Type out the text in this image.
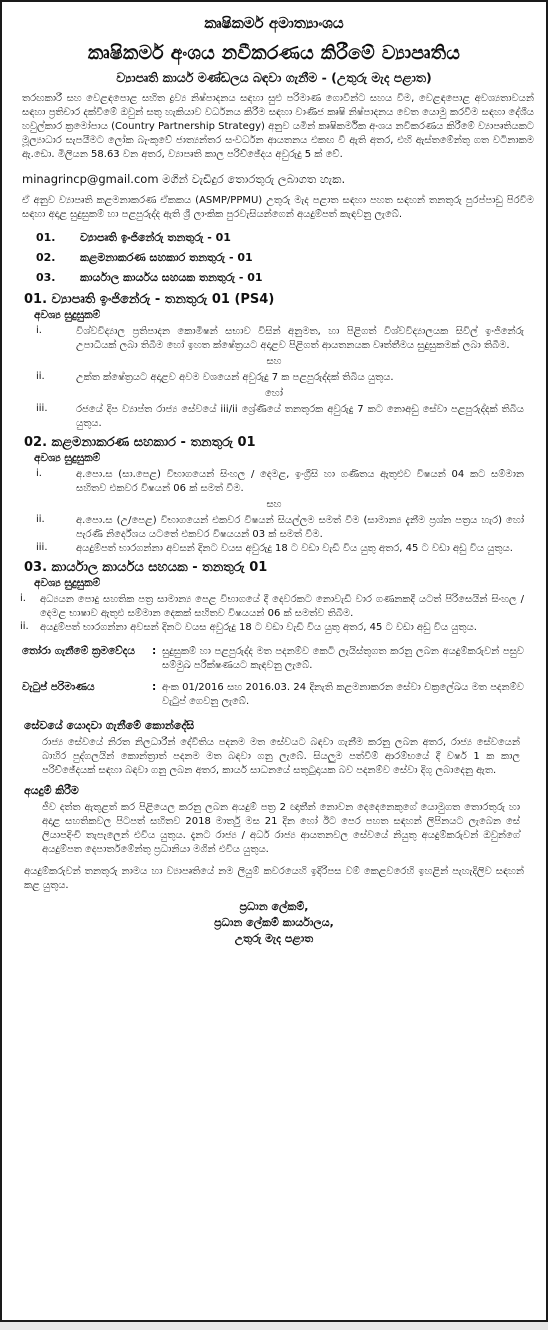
කෘෂිකර්ම අමාත්‍යාංශය
කෘෂිකර්ම අංශය නවීකරණය කිරීමේ ව්‍යාපෘතිය
ව්‍යාපෘති කාර්ය මණ්ඩලය බඳවා ගැනීම - (උතුරු මැද පළාත)

තරඟකාරී සහ වෙළඳපොළ සහිත ද්‍රව්‍ය නිෂ්පාදනය සඳහා සුළු පරිමාණ ගොවීන්ට සහය වීම, වෙළඳපොළ අවශ්‍යතාවයන් සඳහා ප්‍රතිචාර දක්වීමේ ඔවුන් සතු හැකියාව වර්ධනය කිරීම සඳහා වාණිජ කෘෂි නිෂ්පාදනය වෙත යොමු කරවීම සඳහා දේශීය හවුල්කාර ක්‍රමෝපාය (Country Partnership Strategy) අනුව යමින් කෘෂිකර්මික අංශය නවීකරණය කිරීමේ ව්‍යාපෘතියකට මූල්‍යාධාර සැපයීමට ලෝක බැංකුවේ ජාත්‍යන්තර සංවර්ධන ආයතනය එකඟ වී ඇති අතර, එහි ඇස්තමේන්තු ගත වටිනාකම ඇ.ඩො. මිලියන 58.63 වන අතර, ව්‍යාපෘති කාල පරිච්ඡේදය අවුරුදු 5 ක් වේ.

minagrincp@gmail.com මගින් වැඩිදුර තොරතුරු ලබාගත හැක.

ඒ අනුව ව්‍යාපෘති කළමනාකරණ ඒකකය (ASMP/PPMU) උතුරු මැද පළාත සඳහා පහත සඳහන් තනතුරු පුරප්පාඩු පිරවීම සඳහා අදාළ සුදුසුකම් හා පළපුරුද්ද ඇති ශ්‍රී ලාංකික පුරවැසියන්ගෙන් අයදුම්පත් කැඳවනු ලැබේ.

01.	ව්‍යාපෘති ඉංජිනේරු තනතුරු - 01
02.	කළමනාකරණ සහකාර තනතුරු - 01
03.	කාර්යාල කාර්යය සහයක තනතුරු - 01
01. ව්‍යාපෘති ඉංජිනේරු - තනතුරු 01 (PS4)
අවශ්‍ය සුදුසුකම්
i.	විශ්වවිද්‍යාල ප්‍රතිපාදන කොමිෂන් සභාව විසින් අනුමත, හා පිළිගත් විශ්වවිද්‍යාලයක සිවිල් ඉංජිනේරු උපාධියක් ලබා තිබීම හෝ ඉහත ක්ෂේත්‍රයට අදාළව පිළිගත් ආයතනයක වෘත්තීමය සුදුසුකමක් ලබා තිබීම.

සහ
ii.	උක්ත ක්ෂේත්‍රයට අදාළව අවම වශයෙන් අවුරුදු 7 ක පළපුරුද්දක් තිබිය යුතුය.

හෝ
iii.	රජයේ දිප ව්‍යාප්ත රාජ්‍ය සේවයේ iii/ii ශ්‍රේණියේ තනතුරක අවුරුදු 7 කට නොඅඩු සේවා පළපුරුද්දක් තිබිය යුතුය.

02. කළමනාකරණ සහකාර - තනතුරු 01
අවශ්‍ය සුදුසුකම්
i.	අ.පො.ස (සා.පෙළ) විභාගයෙන් සිංහල / දෙමළ, ඉංග්‍රීසි හා ගණිතය ඇතුළුව විෂයන් 04 කට සම්මාන සහිතව එකවර විෂයන් 06 ක් සමත් වීම.

සහ
ii.	අ.පො.ස (උ/පෙළ) විභාගයෙන් එකවර විෂයන් සියල්ලම සමත් වීම (සාමාන්‍ය දැනීම ප්‍රශ්න පත්‍රය හැර) හෝ පැරණි නිර්දේශය යටතේ එකවර විෂයයන් 03 ක් සමත් වීම.

iii.	අයදුම්පත් භාරගන්නා අවසන් දිනට වයස අවුරුදු 18 ට වඩා වැඩි විය යුතු අතර, 45 ට වඩා අඩු විය යුතුය.

03. කාර්යාල කාර්යය සහයක - තනතුරු 01
අවශ්‍ය සුදුසුකම්
i.	අධ්‍යයන පොදු සහතික පත්‍ර සාමාන්‍ය පෙළ විභාගයේ දී දෙවරකට නොවැඩි වාර ගණනකදී යටත් පිරිසෙයින් සිංහල / දෙමළ භාෂාව ඇතුළු සම්මාන දෙකක් සහිතව විෂයයන් 06 ක් සමත්ව තිබීම.

ii.	අයදුම්පත් භාරගන්නා අවසන් දිනට වයස අවුරුදු 18 ට වඩා වැඩි විය යුතු අතර, 45 ට වඩා අඩු විය යුතුය.

තෝරා ගැනීමේ ක්‍රමවේදය	: සුදුසුකම් හා පළපුරුද්ද මත පදනම්ව කෙටි ලැයිස්තුගත කරනු ලබන අයදුම්කරුවන් පසුව සම්මුඛ පරීක්ෂණයට කැඳවනු ලැබේ.

වැටුප් පරිමාණය	: අංක 01/2016 සහ 2016.03. 24 දිනැති කළමනාකරන සේවා චක්‍රලේඛය මත පදනම්ව වැටුප් ගෙවනු ලැබේ.

සේවයේ යොදවා ගැනීමේ කොන්දේසි

රාජ්‍ය සේවයේ නිරත නිලධාරීන් දේවීතිය පදනම මත සේවයට බඳවා ගැනීම කරනු ලබන අතර, රාජ්‍ය සේවයෙන් බාහිර පුද්ගලයින් කොන්ත්‍රාත් පදනම මත බඳවා ගනු ලැබේ. සියලුම පත්වීම් ආරම්භයේ දී වර්ෂ 1 ක කාල පරිච්ඡේදයක් සඳහා බඳවා ගනු ලබන අතර, කාර්ය සාධනයේ සතුටුදායක බව පදනම්ව සේවා දිගු ලබාදෙනු ඇත.

අයදුම් කිරීම

ජීව දත්ත ඇතුළත් කර පිළියෙල කරනු ලබන අයදුම් පත්‍ර 2 ඥාතීන් නොවන දෙදෙනෙකුගේ යොමුගත තොරතුරු හා අදාළ සහතිකවල පිටපත් සහිතව 2018 මාර්තු මස 21 දින හෝ ඊට පෙර පහත සඳහන් ලිපිනයට ලැබෙන සේ ලියාපදිංචි තැපැලෙන් එවිය යුතුය. දැනට රාජ්‍ය / අර්ධ රාජ්‍ය ආයතනවල සේවයේ නියුතු අයදුම්කරුවන් ඔවුන්ගේ අයදුම්පත දෙපාර්තමේන්තු ප්‍රධානියා මගින් එවිය යුතුය.

අයදුම්කරුවන් තනතුරු නාමය හා ව්‍යාපෘතියේ නම ලියුම් කවරයෙහි ඉදිරිපස වම් කෙළවරෙහි ඉහළින් පැහැදිලිව සඳහන් කළ යුතුය.

ප්‍රධාන ලේකම්,
ප්‍රධාන ලේකම් කාර්යාලය,
උතුරු මැද පළාත
